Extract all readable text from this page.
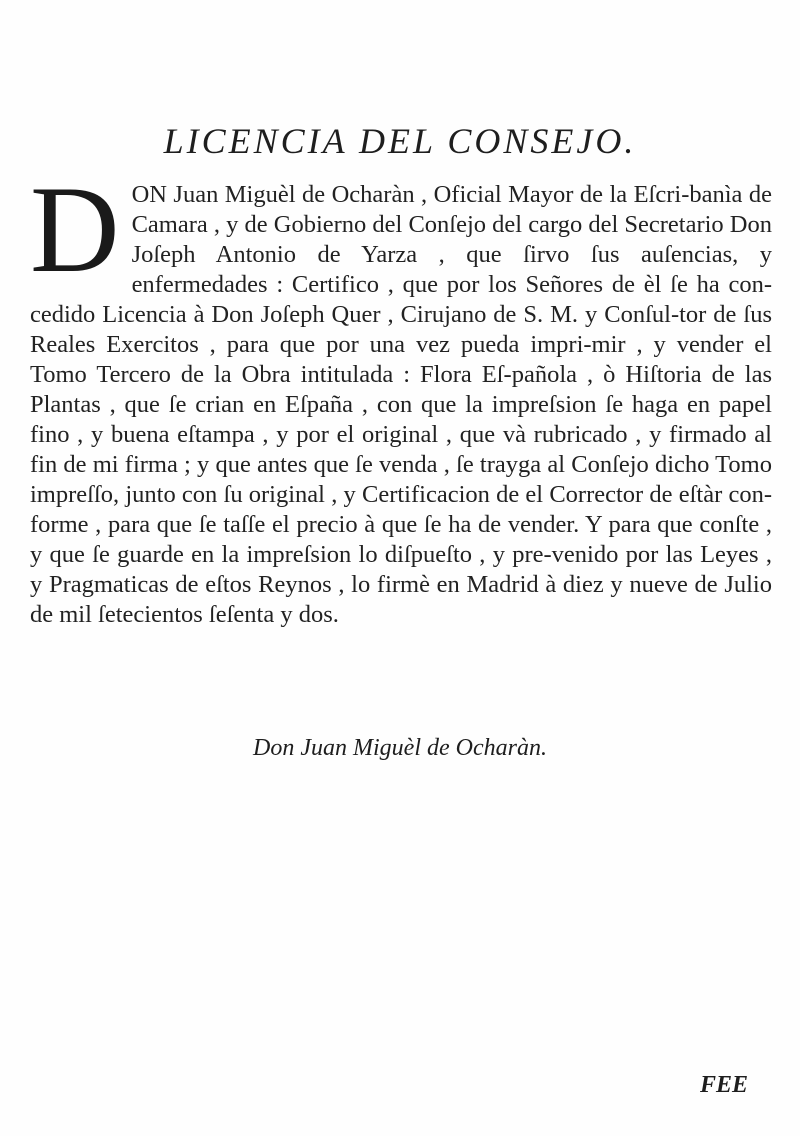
LICENCIA DEL CONSEJO.
D ON Juan Miguèl de Ocharàn , Oficial Mayor de la Eſcri-banìa de Camara , y de Gobierno del Conſejo del cargo del Secretario Don Joſeph Antonio de Yarza , que ſirvo ſus auſencias, y enfermedades : Certifico , que por los Señores de èl ſe ha con-cedido Licencia à Don Joſeph Quer , Cirujano de S. M. y Conſul-tor de ſus Reales Exercitos , para que por una vez pueda impri-mir , y vender el Tomo Tercero de la Obra intitulada : Flora Eſ-pañola , ò Hiſtoria de las Plantas , que ſe crian en Eſpaña , con que la impreſsion ſe haga en papel fino , y buena eſtampa , y por el original , que và rubricado , y firmado al fin de mi firma ; y que antes que ſe venda , ſe trayga al Conſejo dicho Tomo impreſſo, junto con ſu original , y Certificacion de el Corrector de eſtàr con-forme , para que ſe taſſe el precio à que ſe ha de vender. Y para que conſte , y que ſe guarde en la impreſsion lo diſpueſto , y pre-venido por las Leyes , y Pragmaticas de eſtos Reynos , lo firmè en Madrid à diez y nueve de Julio de mil ſetecientos ſeſenta y dos.

Don Juan Miguèl de Ocharàn.
FEE
